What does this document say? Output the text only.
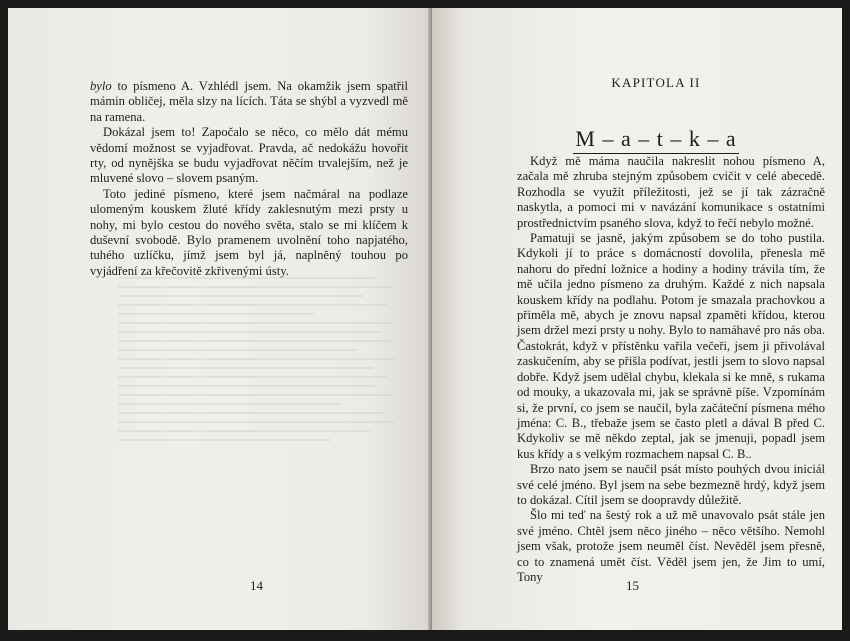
bylo to písmeno A. Vzhlédl jsem. Na okamžik jsem spatřil mámin obličej, měla slzy na lících. Táta se shýbl a vyzvedl mě na ramena.

Dokázal jsem to! Započalo se něco, co mělo dát mému vědomí možnost se vyjadřovat. Pravda, ač nedokážu hovořit rty, od nynějška se budu vyjadřovat něčím trvalejším, než je mluvené slovo – slovem psaným.

Toto jediné písmeno, které jsem načmáral na podlaze ulomeným kouskem žluté křídy zaklesnutým mezi prsty u nohy, mi bylo cestou do nového světa, stalo se mi klíčem k duševní svobodě. Bylo pramenem uvolnění toho napjatého, tuhého uzlíčku, jímž jsem byl já, naplněný touhou po vyjádření za křečovitě zkřivenými ústy.

14
KAPITOLA II
M – a – t – k – a

Když mě máma naučila nakreslit nohou písmeno A, začala mě zhruba stejným způsobem cvičit v celé abecedě. Rozhodla se využít příležitosti, jež se jí tak zázračně naskytla, a pomoci mi v navázání komunikace s ostatními prostřednictvím psaného slova, když to řečí nebylo možné.

Pamatuji se jasně, jakým způsobem se do toho pustila. Kdykoli jí to práce s domácností dovolila, přenesla mě nahoru do přední ložnice a hodiny a hodiny trávila tím, že mě učila jedno písmeno za druhým. Každé z nich napsala kouskem křídy na podlahu. Potom je smazala prachovkou a přiměla mě, abych je znovu napsal zpaměti křídou, kterou jsem držel mezi prsty u nohy. Bylo to namáhavé pro nás oba. Častokrát, když v přístěnku vařila večeři, jsem ji přivolával zaskučením, aby se přišla podívat, jestli jsem to slovo napsal dobře. Když jsem udělal chybu, klekala si ke mně, s rukama od mouky, a ukazovala mi, jak se správně píše. Vzpomínám si, že první, co jsem se naučil, byla začáteční písmena mého jména: C. B., třebaže jsem se často pletl a dával B před C. Kdykoliv se mě někdo zeptal, jak se jmenuji, popadl jsem kus křídy a s velkým rozmachem napsal C. B..

Brzo nato jsem se naučil psát místo pouhých dvou iniciál své celé jméno. Byl jsem na sebe bezmezně hrdý, když jsem to dokázal. Cítil jsem se doopravdy důležitě.

Šlo mi teď na šestý rok a už mě unavovalo psát stále jen své jméno. Chtěl jsem něco jiného – něco většího. Nemohl jsem však, protože jsem neuměl číst. Nevěděl jsem přesně, co to znamená umět číst. Věděl jsem jen, že Jim to umí, Tony

15
